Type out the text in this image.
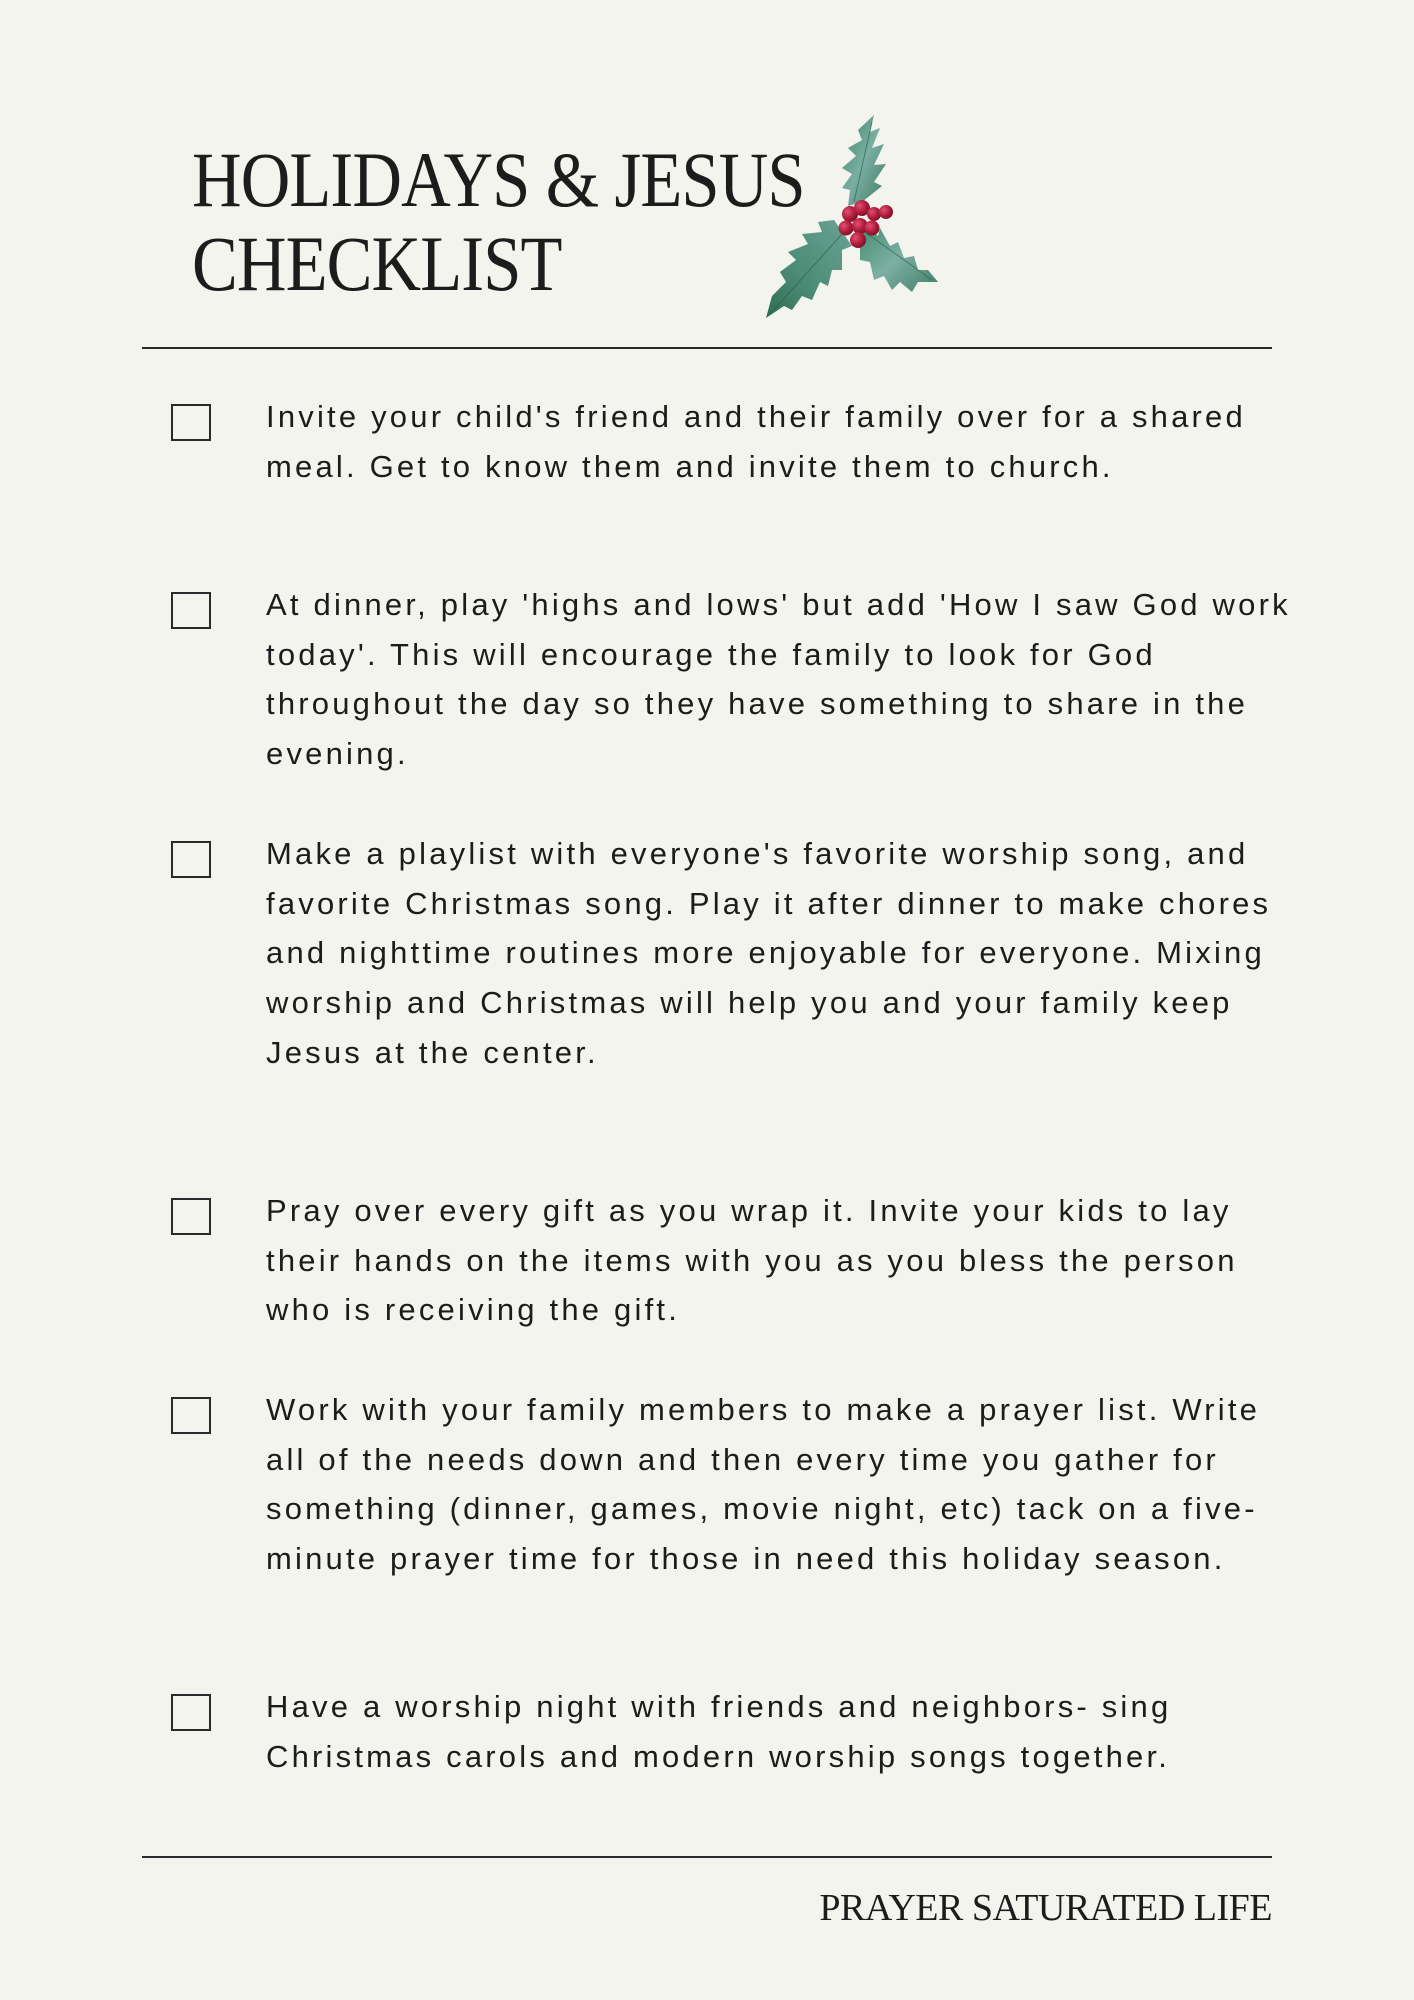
HOLIDAYS & JESUS
CHECKLIST

Invite your child's friend and their family over for a shared meal. Get to know them and invite them to church.

At dinner, play 'highs and lows' but add 'How I saw God work today'. This will encourage the family to look for God throughout the day so they have something to share in the evening.

Make a playlist with everyone's favorite worship song, and favorite Christmas song. Play it after dinner to make chores and nighttime routines more enjoyable for everyone. Mixing worship and Christmas will help you and your family keep Jesus at the center.

Pray over every gift as you wrap it. Invite your kids to lay their hands on the items with you as you bless the person who is receiving the gift.

Work with your family members to make a prayer list. Write all of the needs down and then every time you gather for something (dinner, games, movie night, etc) tack on a five-minute prayer time for those in need this holiday season.

Have a worship night with friends and neighbors- sing Christmas carols and modern worship songs together.

PRAYER SATURATED LIFE
